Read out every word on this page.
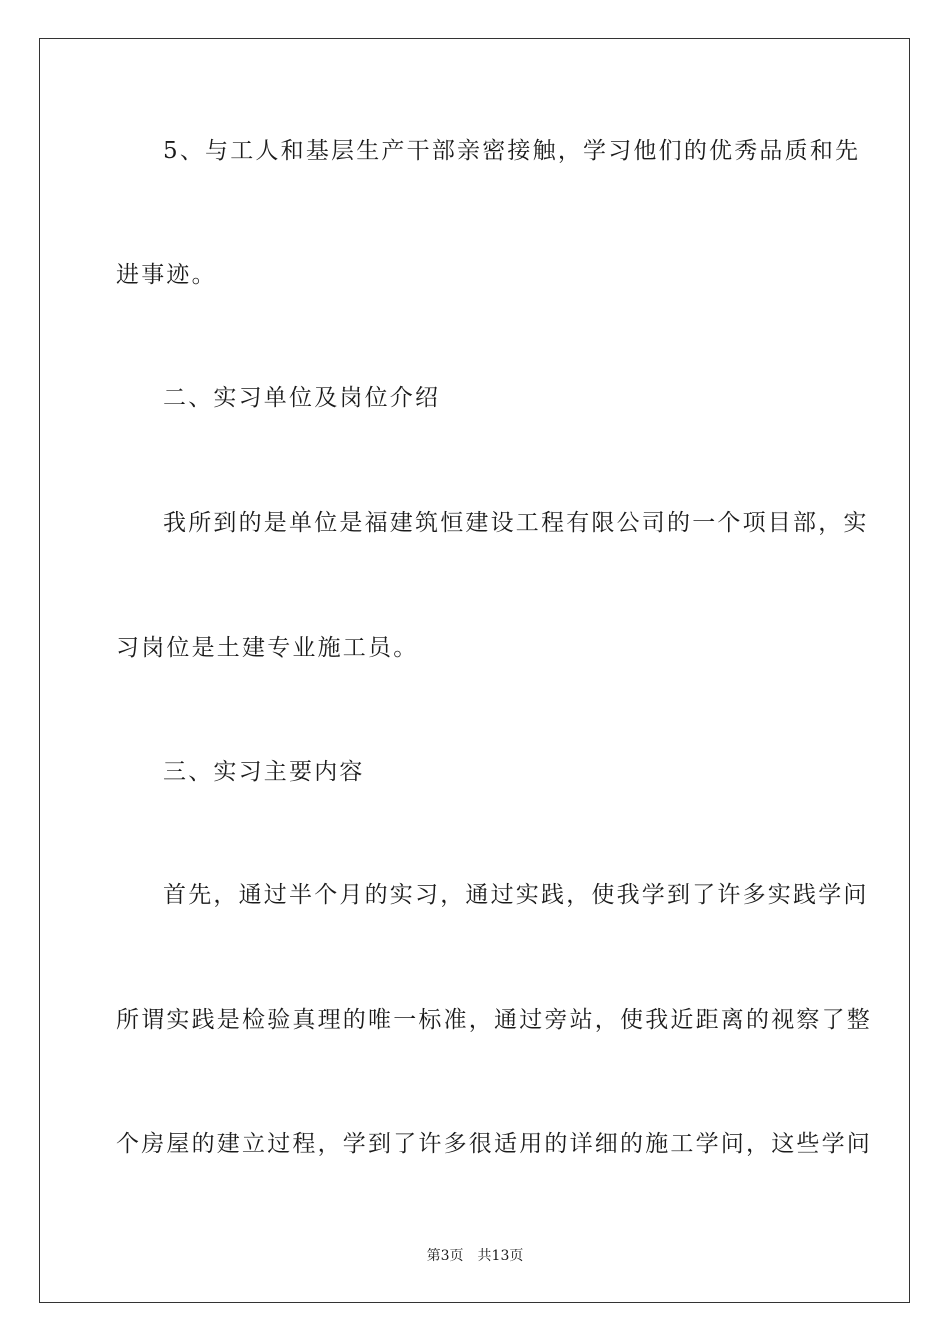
5、与工人和基层生产干部亲密接触，学习他们的优秀品质和先
进事迹。
二、实习单位及岗位介绍
我所到的是单位是福建筑恒建设工程有限公司的一个项目部，实
习岗位是土建专业施工员。
三、实习主要内容
首先，通过半个月的实习，通过实践，使我学到了许多实践学问
所谓实践是检验真理的唯一标准，通过旁站，使我近距离的视察了整
个房屋的建立过程，学到了许多很适用的详细的施工学问，这些学问
第3页 共13页
